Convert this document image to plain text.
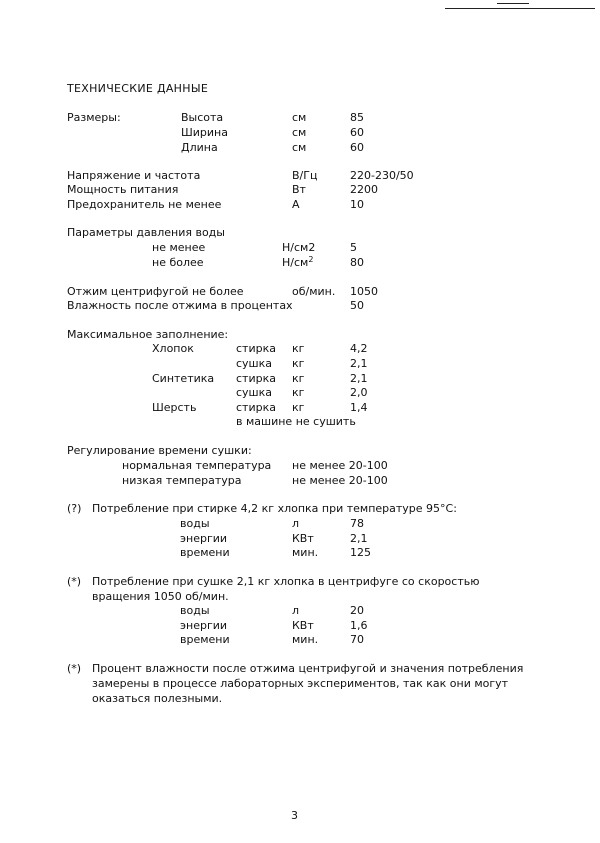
ТЕХНИЧЕСКИЕ ДАННЫЕ
Размеры:	Высота	см	85
Ширина	см	60
Длина	см	60
Напряжение и частота	В/Гц	220-230/50
Мощность питания	Вт	2200
Предохранитель не менее	А	10
Параметры давления воды
не менее	Н/см2	5
не более	$Н/см^2$	80
Отжим центрифугой не более	об/мин. 1050
Влажность после отжима в процентах	50
Максимальное заполнение:
Хлопок	стирка кг	4,2
сушка кг	2,1
Синтетика стирка кг	2,1
сушка кг	2,0
Шерсть	стирка кг	1,4
в машине не сушить
Регулирование времени сушки:
нормальная температура не менее 20-100
низкая температура	не менее 20-100
(?) Потребление при стирке 4,2 кг хлопка при температуре 95°С:
воды	л	78
энергии	КВт	2,1
времени	мин.	125
(*) Потребление при сушке 2,1 кг хлопка в центрифуге со скоростью
вращения 1050 об/мин.
воды	л	20
энергии	КВт	1,6
времени	мин.	70
(*) Процент влажности после отжима центрифугой и значения потребления
замерены в процессе лабораторных экспериментов, так как они могут
оказаться полезными.
3
